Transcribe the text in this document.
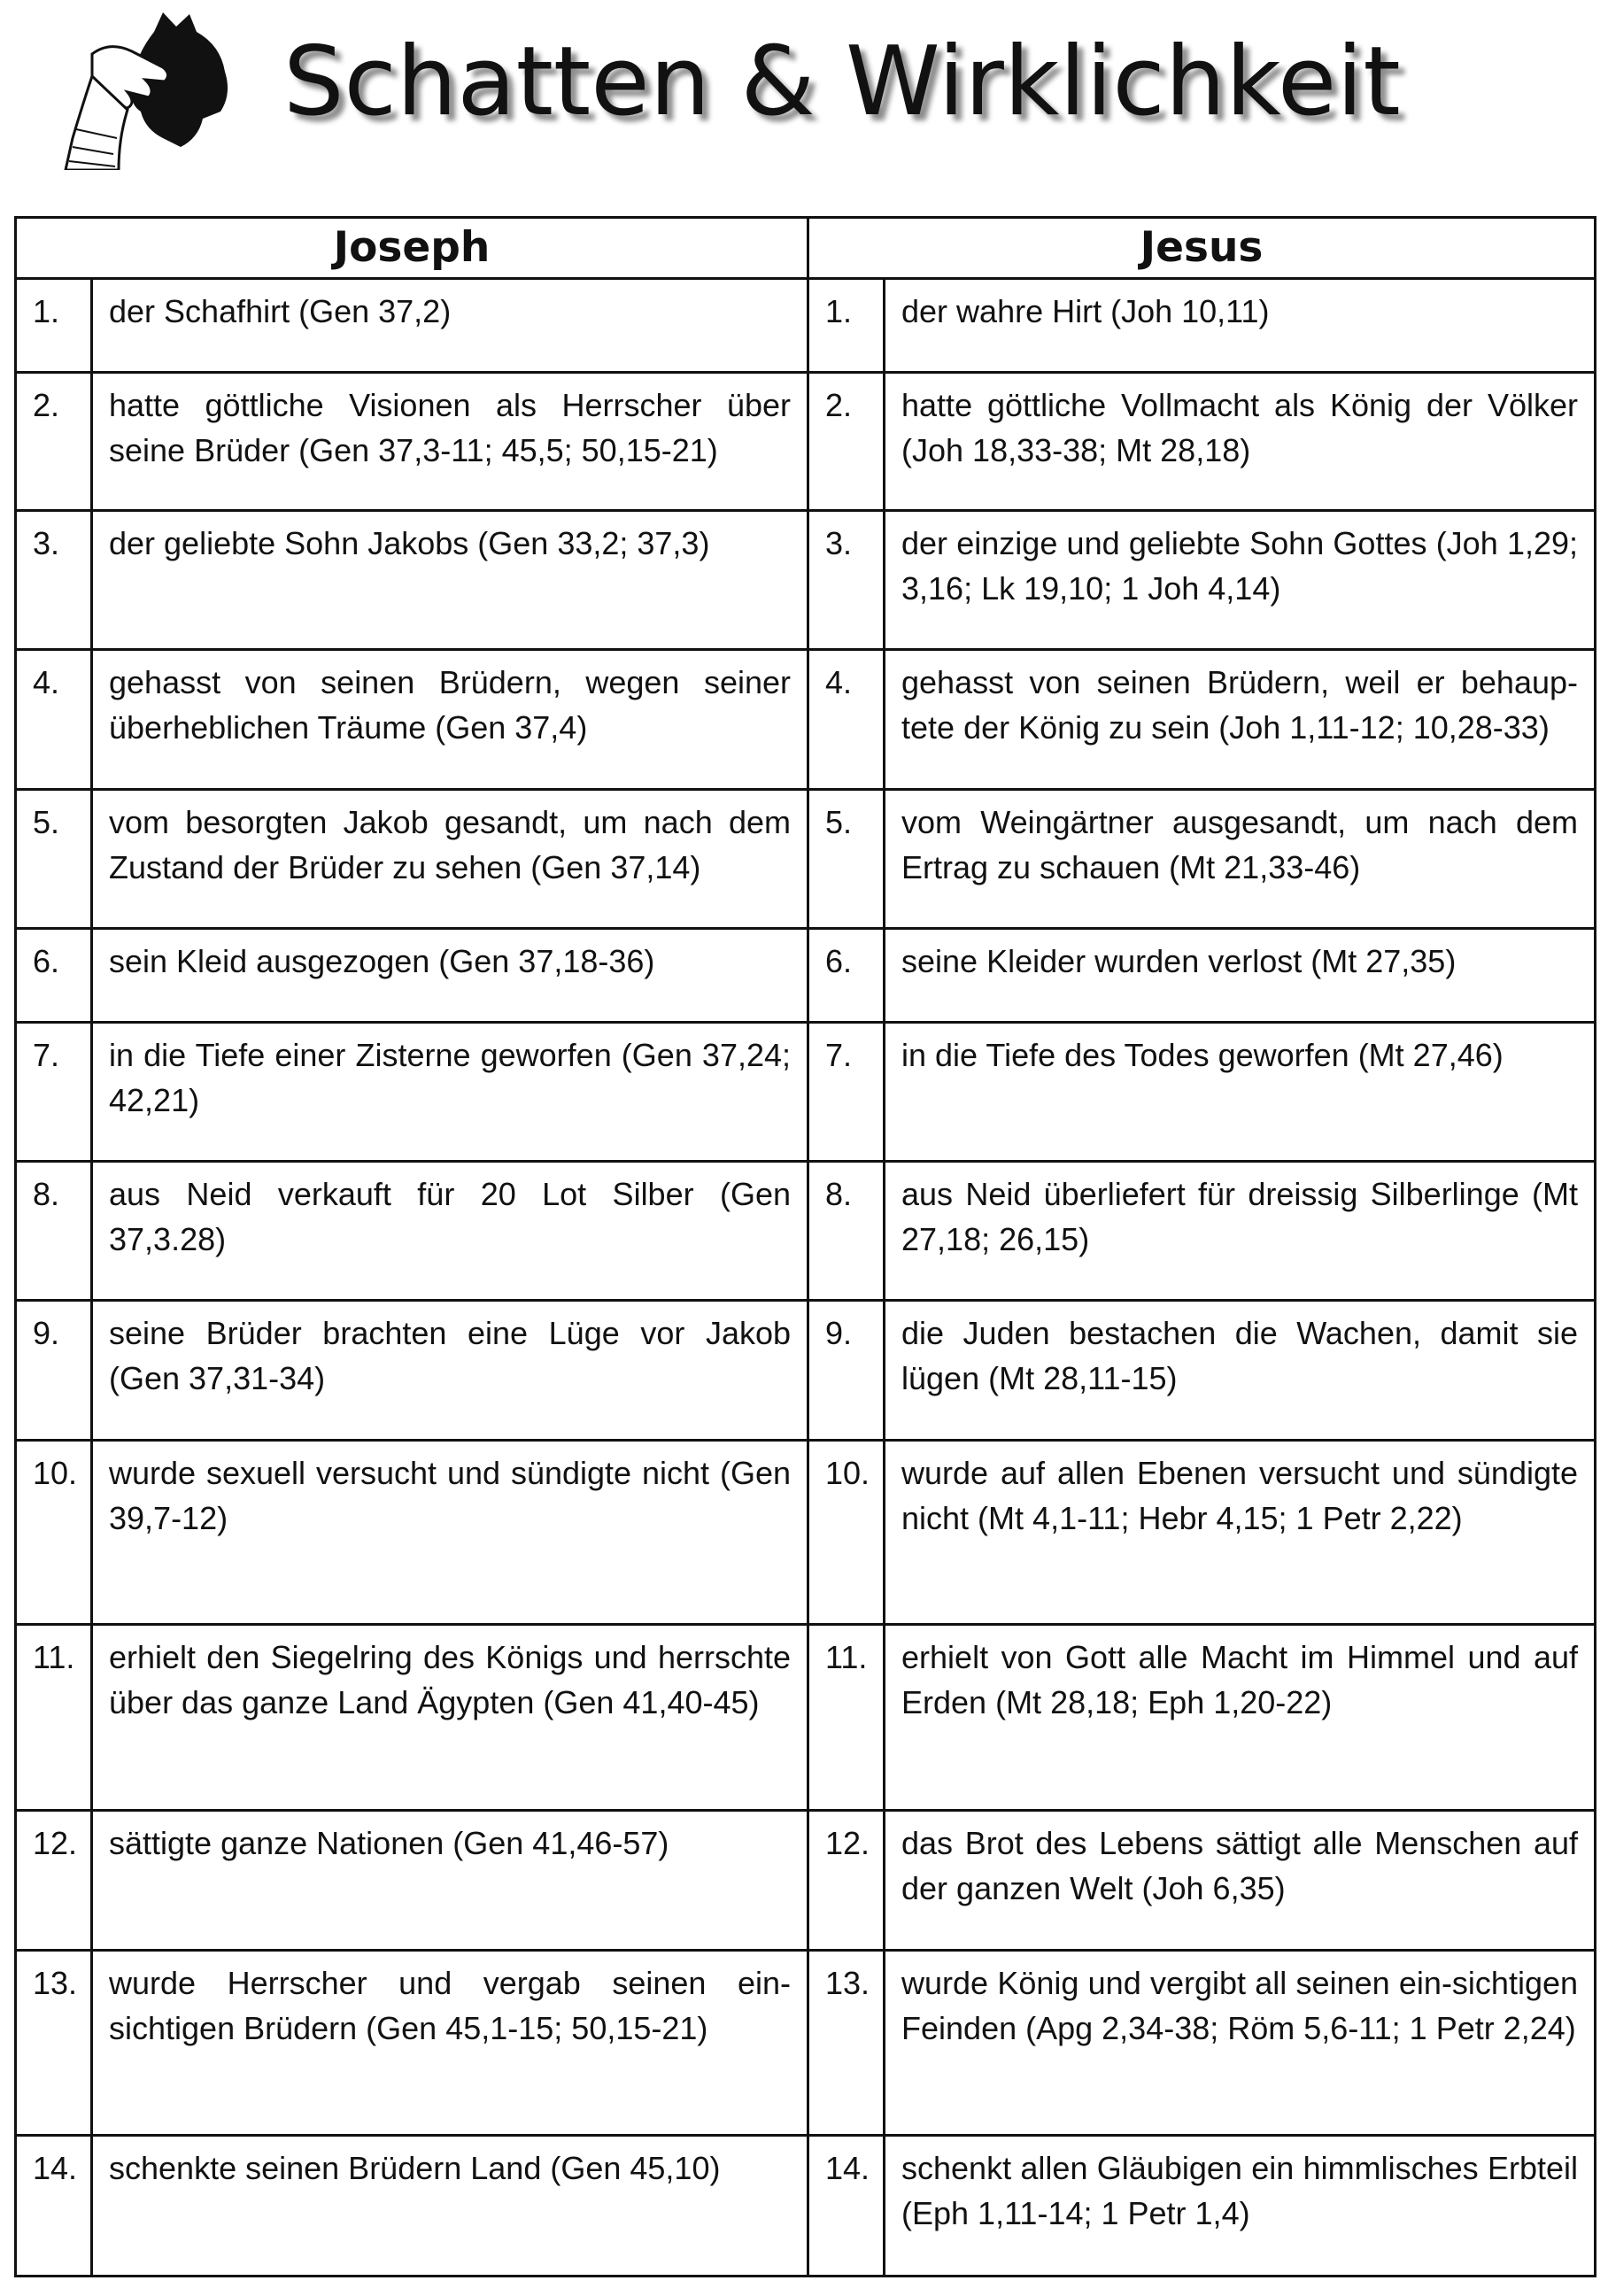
Schatten & Wirklichkeit
Joseph		Jesus	
1.	der Schafhirt (Gen 37,2)	1.	der wahre Hirt (Joh 10,11)

2.	hatte göttliche Visionen als Herrscher über seine Brüder (Gen 37,3-11; 45,5; 50,15-21)	2.	hatte göttliche Vollmacht als König der Völker (Joh 18,33-38; Mt 28,18)

3.	der geliebte Sohn Jakobs (Gen 33,2; 37,3)	3.	der einzige und geliebte Sohn Gottes (Joh 1,29; 3,16; Lk 19,10; 1 Joh 4,14)

4.	gehasst von seinen Brüdern, wegen seiner überheblichen Träume (Gen 37,4)	4.	gehasst von seinen Brüdern, weil er behaup-tete der König zu sein (Joh 1,11-12; 10,28-33)

5.	vom besorgten Jakob gesandt, um nach dem Zustand der Brüder zu sehen (Gen 37,14)	5.	vom Weingärtner ausgesandt, um nach dem Ertrag zu schauen (Mt 21,33-46)

6.	sein Kleid ausgezogen (Gen 37,18-36)	6.	seine Kleider wurden verlost (Mt 27,35)

7.	in die Tiefe einer Zisterne geworfen (Gen 37,24; 42,21)	7.	in die Tiefe des Todes geworfen (Mt 27,46)

8.	aus Neid verkauft für 20 Lot Silber (Gen 37,3.28)	8.	aus Neid überliefert für dreissig Silberlinge (Mt 27,18; 26,15)

9.	seine Brüder brachten eine Lüge vor Jakob (Gen 37,31-34)	9.	die Juden bestachen die Wachen, damit sie lügen (Mt 28,11-15)

10.	wurde sexuell versucht und sündigte nicht (Gen 39,7-12)	10.	wurde auf allen Ebenen versucht und sündigte nicht (Mt 4,1-11; Hebr 4,15; 1 Petr 2,22)

11.	erhielt den Siegelring des Königs und herrschte über das ganze Land Ägypten (Gen 41,40-45)	11.	erhielt von Gott alle Macht im Himmel und auf Erden (Mt 28,18; Eph 1,20-22)

12.	sättigte ganze Nationen (Gen 41,46-57)	12.	das Brot des Lebens sättigt alle Menschen auf der ganzen Welt (Joh 6,35)

13.	wurde Herrscher und vergab seinen ein-sichtigen Brüdern (Gen 45,1-15; 50,15-21)	13.	wurde König und vergibt all seinen ein-sichtigen Feinden (Apg 2,34-38; Röm 5,6-11; 1 Petr 2,24)

14.	schenkte seinen Brüdern Land (Gen 45,10)	14.	schenkt allen Gläubigen ein himmlisches Erbteil (Eph 1,11-14; 1 Petr 1,4)
